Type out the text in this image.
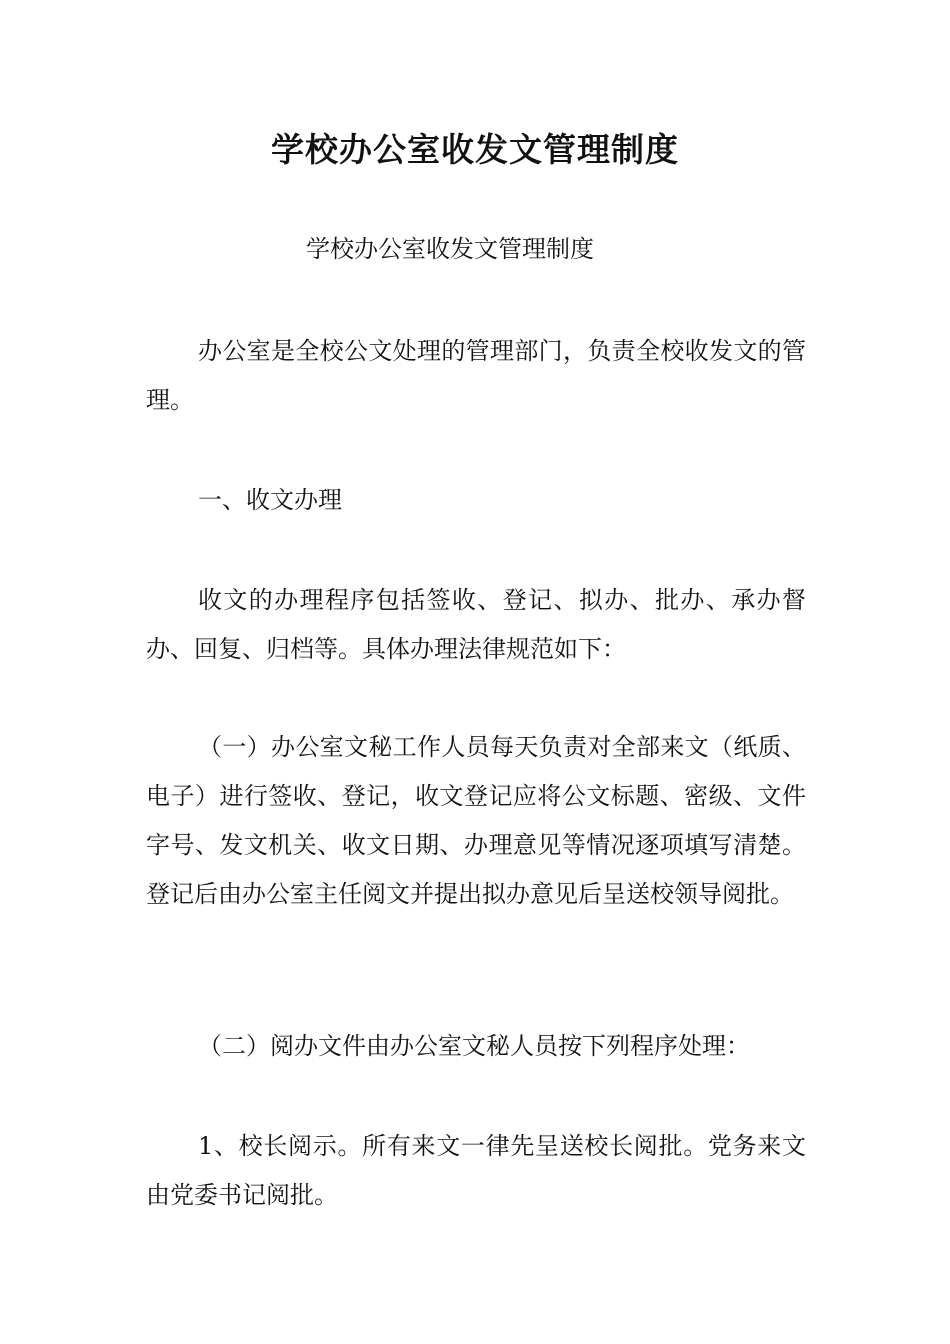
学校办公室收发文管理制度
学校办公室收发文管理制度

办公室是全校公文处理的管理部门，负责全校收发文的管理。

一、收文办理

收文的办理程序包括签收、登记、拟办、批办、承办督办、回复、归档等。具体办理法律规范如下：

（一）办公室文秘工作人员每天负责对全部来文（纸质、电子）进行签收、登记，收文登记应将公文标题、密级、文件字号、发文机关、收文日期、办理意见等情况逐项填写清楚。登记后由办公室主任阅文并提出拟办意见后呈送校领导阅批。

（二）阅办文件由办公室文秘人员按下列程序处理：

1、校长阅示。所有来文一律先呈送校长阅批。党务来文由党委书记阅批。
